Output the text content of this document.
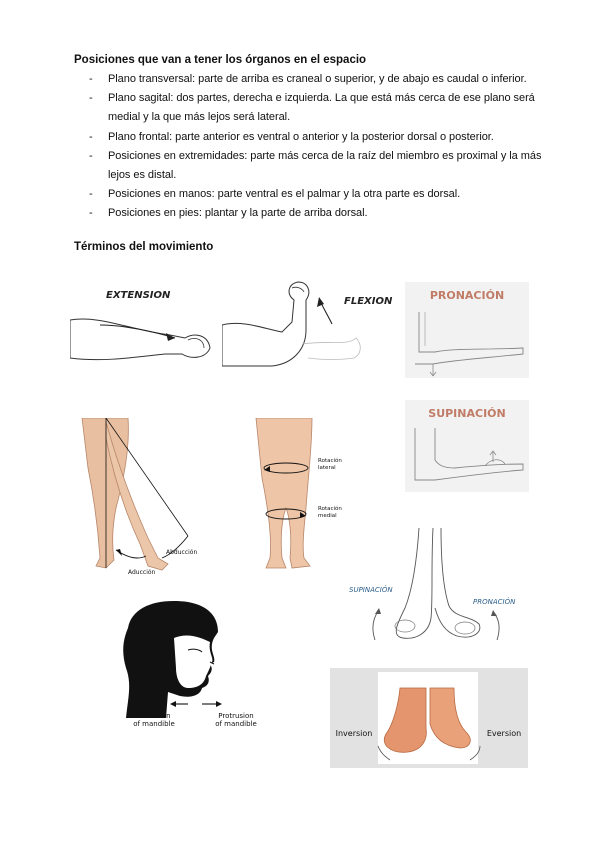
Posiciones que van a tener los órganos en el espacio
- Plano transversal: parte de arriba es craneal o superior, y de abajo es caudal o inferior.
- Plano sagital: dos partes, derecha e izquierda. La que está más cerca de ese plano será medial y la que más lejos será lateral.
- Plano frontal: parte anterior es ventral o anterior y la posterior dorsal o posterior.
- Posiciones en extremidades: parte más cerca de la raíz del miembro es proximal y la más lejos es distal.
- Posiciones en manos: parte ventral es el palmar y la otra parte es dorsal.
- Posiciones en pies: plantar y la parte de arriba dorsal.
Términos del movimiento
EXTENSION
FLEXION	PRONACIÓN
SUPINACIÓN
Abducción
Aducción
Rotación
lateral
Rotación
medial
SUPINACIÓN
PRONACIÓN
Retrusion
of mandible
Protrusion
of mandible
Inversion	Eversion
